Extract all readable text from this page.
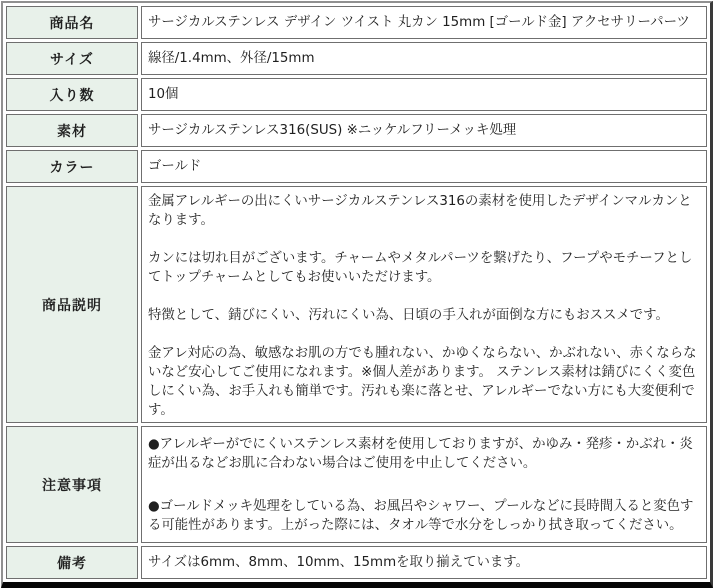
商品名	サージカルステンレス デザイン ツイスト 丸カン 15mm [ゴールド金] アクセサリーパーツ

サイズ	線径/1.4mm、外径/15mm

入り数	10個

素材	サージカルステンレス316(SUS) ※ニッケルフリーメッキ処理

カラー	ゴールド

商品説明	金属アレルギーの出にくいサージカルステンレス316の素材を使用したデザインマルカンとなります。

カンには切れ目がございます。チャームやメタルパーツを繋げたり、フープやモチーフとしてトップチャームとしてもお使いいただけます。

特徴として、錆びにくい、汚れにくい為、日頃の手入れが面倒な方にもおススメです。

金アレ対応の為、敏感なお肌の方でも腫れない、かゆくならない、かぶれない、赤くならないなど安心してご使用になれます。※個人差があります。 ステンレス素材は錆びにくく変色しにくい為、お手入れも簡単です。汚れも楽に落とせ、アレルギーでない方にも大変便利です。

注意事項	●アレルギーがでにくいステンレス素材を使用しておりますが、かゆみ・発疹・かぶれ・炎症が出るなどお肌に合わない場合はご使用を中止してください。

●ゴールドメッキ処理をしている為、お風呂やシャワー、プールなどに長時間入ると変色する可能性があります。上がった際には、タオル等で水分をしっかり拭き取ってください。

備考	サイズは6mm、8mm、10mm、15mmを取り揃えています。
